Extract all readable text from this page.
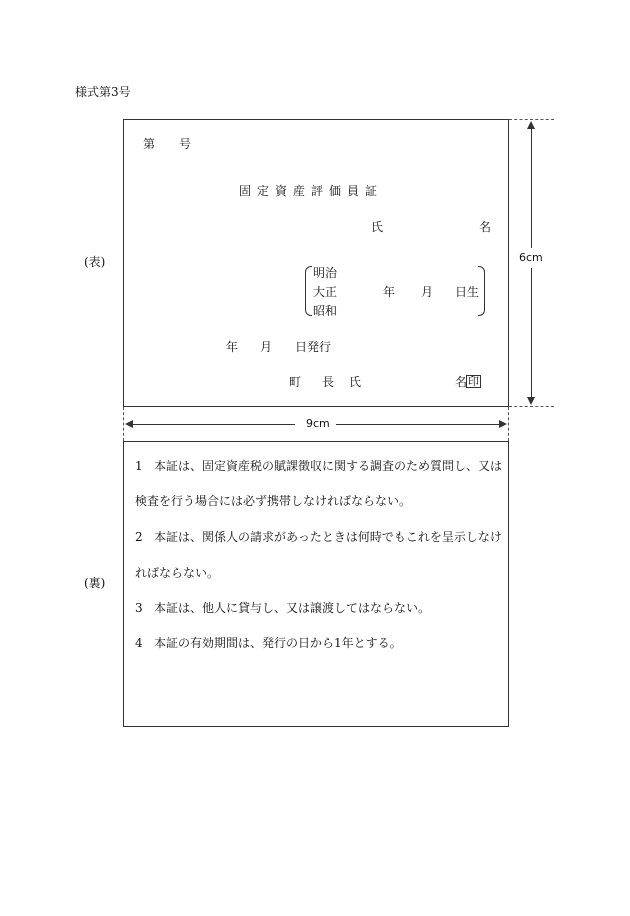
様式第3号
(表)
第 号
固定資産評価員証
氏	名
明治
大正
昭和
年 月 日生
年 月 日発行
町 長 氏	名 印
6cm
9cm
(裏)
1 本証は、固定資産税の賦課徴収に関する調査のため質問し、又は
検査を行う場合には必ず携帯しなければならない。
2 本証は、関係人の請求があったときは何時でもこれを呈示しなけ
ればならない。
3 本証は、他人に貸与し、又は譲渡してはならない。
4 本証の有効期間は、発行の日から1年とする。
